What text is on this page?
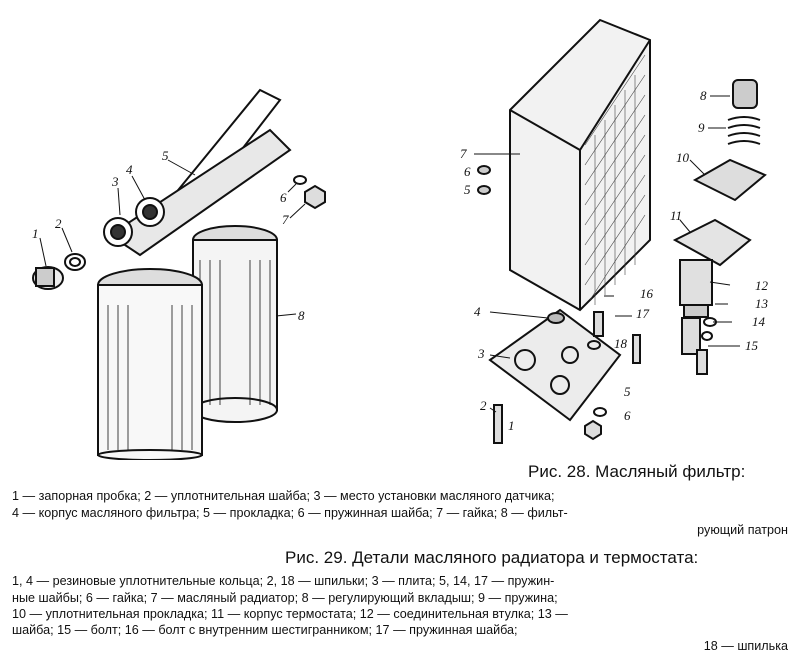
1
2
3
4
5
6
7
8
1
2
3
4
5
6
7
8
9
10
11
12
13
14
15
16
17
18
5
6
Рис. 28. Масляный фильтр:
1 — запорная пробка; 2 — уплотнительная шайба; 3 — место установки масляного датчика;
4 — корпус масляного фильтра; 5 — прокладка; 6 — пружинная шайба; 7 — гайка; 8 — фильт-
рующий патрон
Рис. 29. Детали масляного радиатора и термостата:
1, 4 — резиновые уплотнительные кольца; 2, 18 — шпильки; 3 — плита; 5, 14, 17 — пружин-
ные шайбы; 6 — гайка; 7 — масляный радиатор; 8 — регулирующий вкладыш; 9 — пружина;
10 — уплотнительная прокладка; 11 — корпус термостата; 12 — соединительная втулка; 13 —
шайба; 15 — болт; 16 — болт с внутренним шестигранником; 17 — пружинная шайба;
18 — шпилька
